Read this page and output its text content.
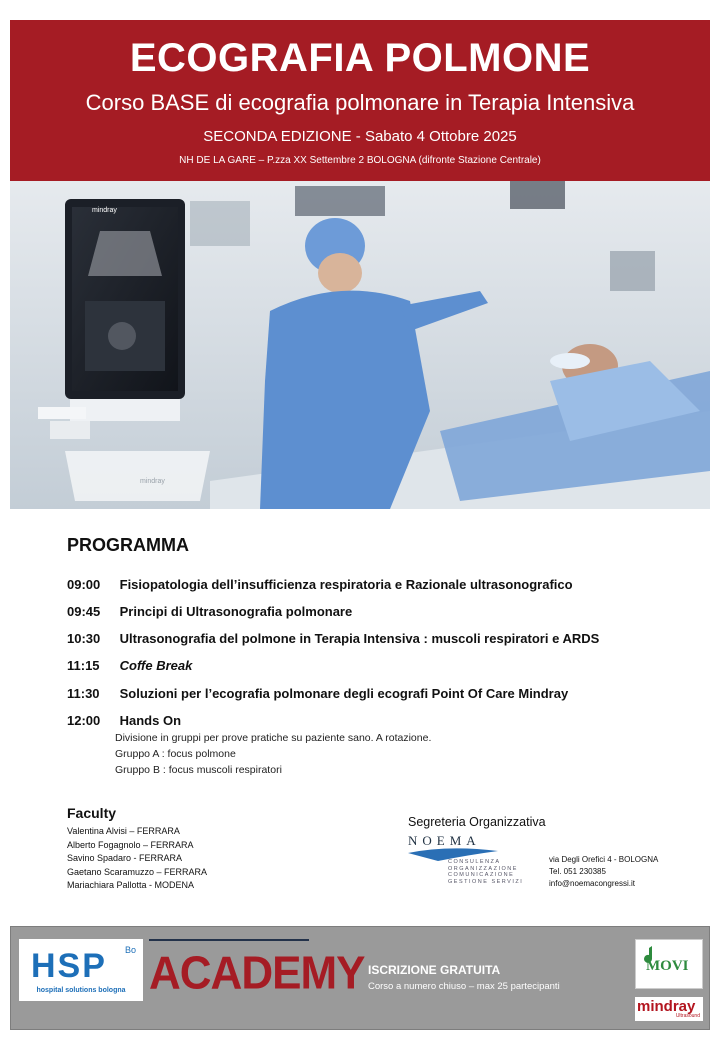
ECOGRAFIA POLMONE
Corso BASE di ecografia polmonare in Terapia Intensiva
SECONDA EDIZIONE - Sabato 4 Ottobre 2025
NH DE LA GARE – P.zza XX Settembre 2 BOLOGNA (difronte Stazione Centrale)
mindray
mindray
PROGRAMMA
09:00 Fisiopatologia dell’insufficienza respiratoria e Razionale ultrasonografico
09:45 Principi di Ultrasonografia polmonare
10:30 Ultrasonografia del polmone in Terapia Intensiva : muscoli respiratori e ARDS
11:15 Coffe Break
11:30 Soluzioni per l’ecografia polmonare degli ecografi Point Of Care Mindray
12:00 Hands On
Divisione in gruppi per prove pratiche su paziente sano. A rotazione.
Gruppo A : focus polmone
Gruppo B : focus muscoli respiratori
Faculty
Valentina Alvisi – FERRARA
Alberto Fogagnolo – FERRARA
Savino Spadaro - FERRARA
Gaetano Scaramuzzo – FERRARA
Mariachiara Pallotta - MODENA
Segreteria Organizzativa
NOEMA
CONSULENZA
ORGANIZZAZIONE
COMUNICAZIONE
GESTIONE SERVIZI
via Degli Orefici 4 - BOLOGNA
Tel. 051 230385
info@noemacongressi.it
HSP Bo
hospital solutions bologna ACADEMY ISCRIZIONE GRATUITA
Corso a numero chiuso – max 25 partecipanti
MOVI
mindray
Ultrasound
